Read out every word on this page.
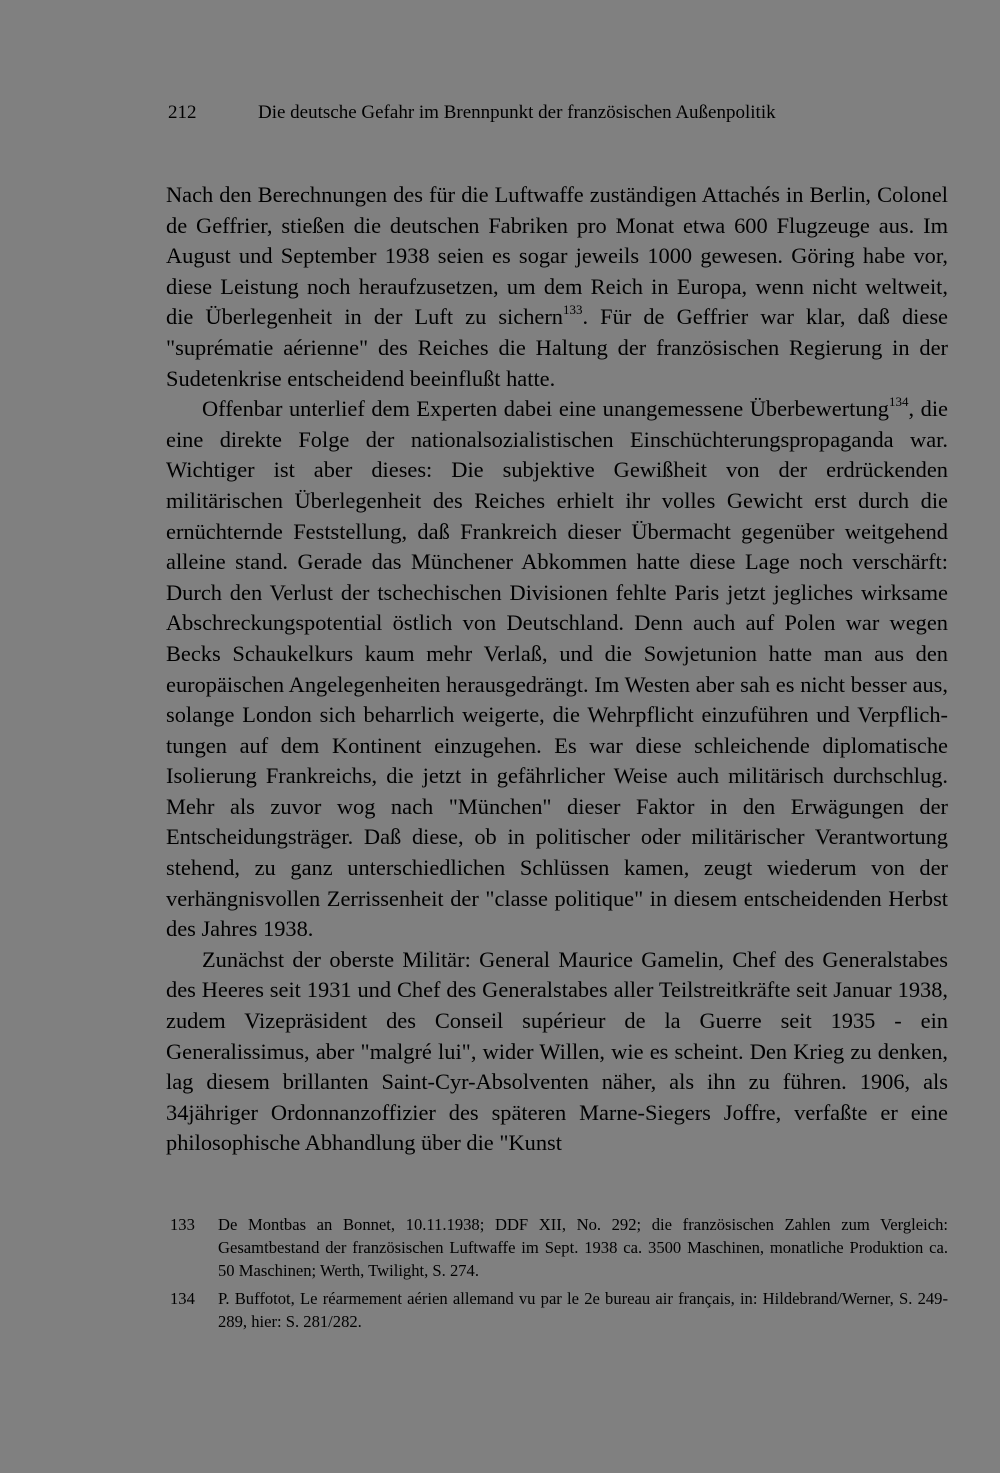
212	Die deutsche Gefahr im Brennpunkt der französischen Außenpolitik

Nach den Berechnungen des für die Luftwaffe zuständigen Attachés in Berlin, Colonel de Geffrier, stießen die deutschen Fabriken pro Monat etwa 600 Flugzeuge aus. Im August und September 1938 seien es sogar jeweils 1000 gewesen. Göring habe vor, diese Leistung noch heraufzusetzen, um dem Reich in Europa, wenn nicht weltweit, die Überlegenheit in der Luft zu sichern$^{133}$. Für de Geffrier war klar, daß diese "suprématie aérienne" des Reiches die Haltung der französischen Regierung in der Sudetenkrise entscheidend beeinflußt hatte.

Offenbar unterlief dem Experten dabei eine unangemessene Überbewertung$^{134}$, die eine direkte Folge der nationalsozialistischen Einschüchterungspropaganda war. Wichtiger ist aber dieses: Die subjektive Gewißheit von der erdrückenden militärischen Überlegenheit des Reiches erhielt ihr volles Gewicht erst durch die ernüchternde Feststellung, daß Frankreich dieser Übermacht gegenüber weitgehend alleine stand. Gerade das Münchener Abkommen hatte diese Lage noch verschärft: Durch den Verlust der tschechischen Divisionen fehlte Paris jetzt jegliches wirksame Abschreckungspotential östlich von Deutschland. Denn auch auf Polen war wegen Becks Schaukelkurs kaum mehr Verlaß, und die Sowjetunion hatte man aus den europäischen Angelegenheiten herausgedrängt. Im Westen aber sah es nicht besser aus, solange London sich beharrlich weigerte, die Wehrpflicht einzuführen und Verpflichtungen auf dem Kontinent einzugehen. Es war diese schleichende diplomatische Isolierung Frankreichs, die jetzt in gefährlicher Weise auch militärisch durchschlug. Mehr als zuvor wog nach "München" dieser Faktor in den Erwägungen der Entscheidungsträger. Daß diese, ob in politischer oder militärischer Verantwortung stehend, zu ganz unterschiedlichen Schlüssen kamen, zeugt wiederum von der verhängnisvollen Zerrissenheit der "classe politique" in diesem entscheidenden Herbst des Jahres 1938.

Zunächst der oberste Militär: General Maurice Gamelin, Chef des Generalstabes des Heeres seit 1931 und Chef des Generalstabes aller Teilstreitkräfte seit Januar 1938, zudem Vizepräsident des Conseil supérieur de la Guerre seit 1935 - ein Generalissimus, aber "malgré lui", wider Willen, wie es scheint. Den Krieg zu denken, lag diesem brillanten Saint-Cyr-Absolventen näher, als ihn zu führen. 1906, als 34jähriger Ordonnanzoffizier des späteren Marne-Siegers Joffre, verfaßte er eine philosophische Abhandlung über die "Kunst

133 De Montbas an Bonnet, 10.11.1938; DDF XII, No. 292; die französischen Zahlen zum Vergleich: Gesamtbestand der französischen Luftwaffe im Sept. 1938 ca. 3500 Maschinen, monatliche Produktion ca. 50 Maschinen; Werth, Twilight, S. 274.
134 P. Buffotot, Le réarmement aérien allemand vu par le 2e bureau air français, in: Hildebrand/Werner, S. 249-289, hier: S. 281/282.
